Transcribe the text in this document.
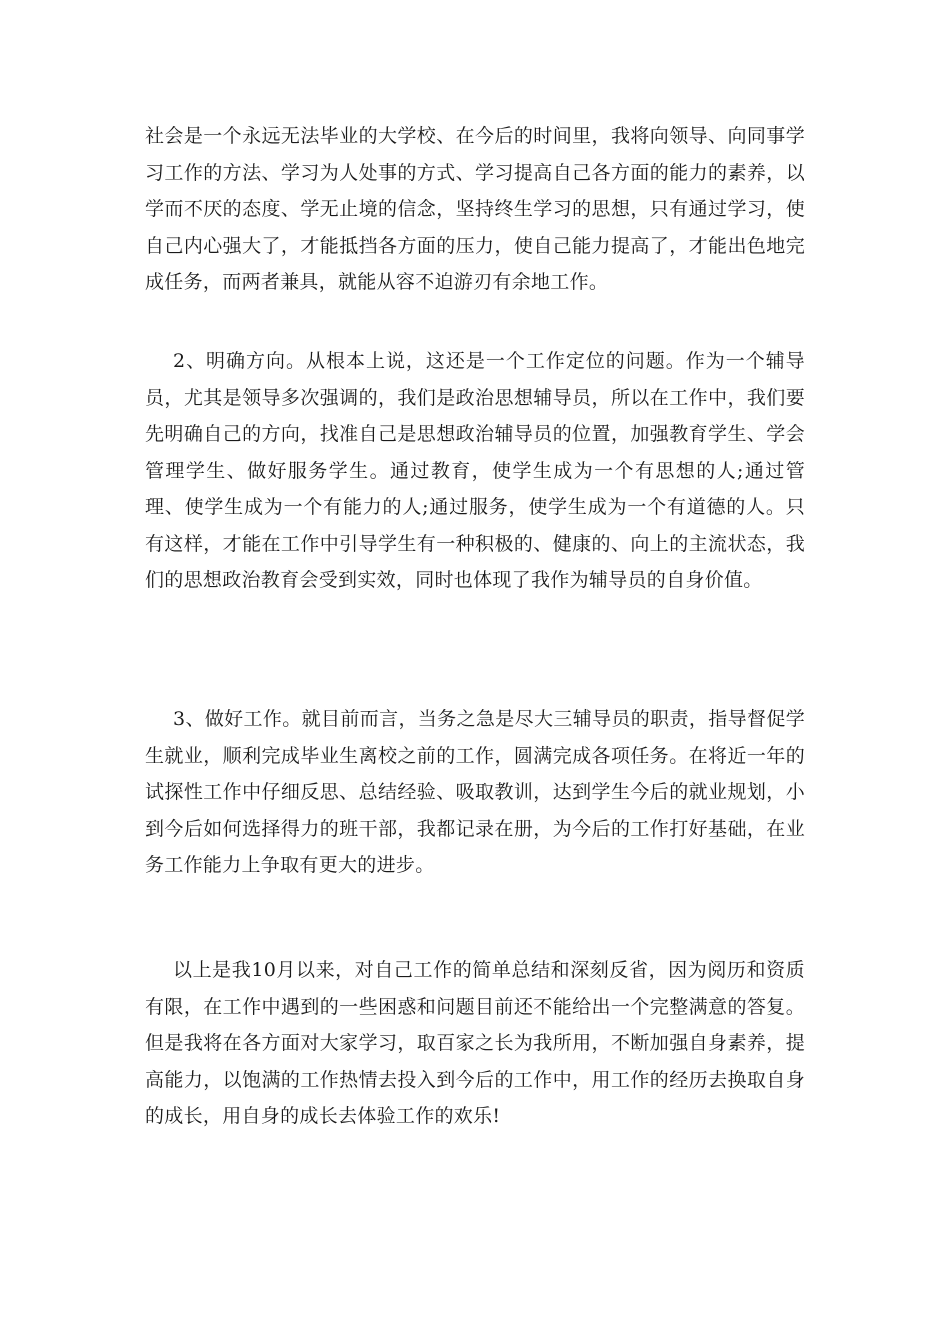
社会是一个永远无法毕业的大学校、在今后的时间里，我将向领导、向同事学习工作的方法、学习为人处事的方式、学习提高自己各方面的能力的素养，以学而不厌的态度、学无止境的信念，坚持终生学习的思想，只有通过学习，使自己内心强大了，才能抵挡各方面的压力，使自己能力提高了，才能出色地完成任务，而两者兼具，就能从容不迫游刃有余地工作。

2、明确方向。从根本上说，这还是一个工作定位的问题。作为一个辅导员，尤其是领导多次强调的，我们是政治思想辅导员，所以在工作中，我们要先明确自己的方向，找准自己是思想政治辅导员的位置，加强教育学生、学会管理学生、做好服务学生。通过教育，使学生成为一个有思想的人;通过管理、使学生成为一个有能力的人;通过服务，使学生成为一个有道德的人。只有这样，才能在工作中引导学生有一种积极的、健康的、向上的主流状态，我们的思想政治教育会受到实效，同时也体现了我作为辅导员的自身价值。

3、做好工作。就目前而言，当务之急是尽大三辅导员的职责，指导督促学生就业，顺利完成毕业生离校之前的工作，圆满完成各项任务。在将近一年的试探性工作中仔细反思、总结经验、吸取教训，达到学生今后的就业规划，小到今后如何选择得力的班干部，我都记录在册，为今后的工作打好基础，在业务工作能力上争取有更大的进步。

以上是我10月以来，对自己工作的简单总结和深刻反省，因为阅历和资质有限，在工作中遇到的一些困惑和问题目前还不能给出一个完整满意的答复。但是我将在各方面对大家学习，取百家之长为我所用，不断加强自身素养，提高能力，以饱满的工作热情去投入到今后的工作中，用工作的经历去换取自身的成长，用自身的成长去体验工作的欢乐!
